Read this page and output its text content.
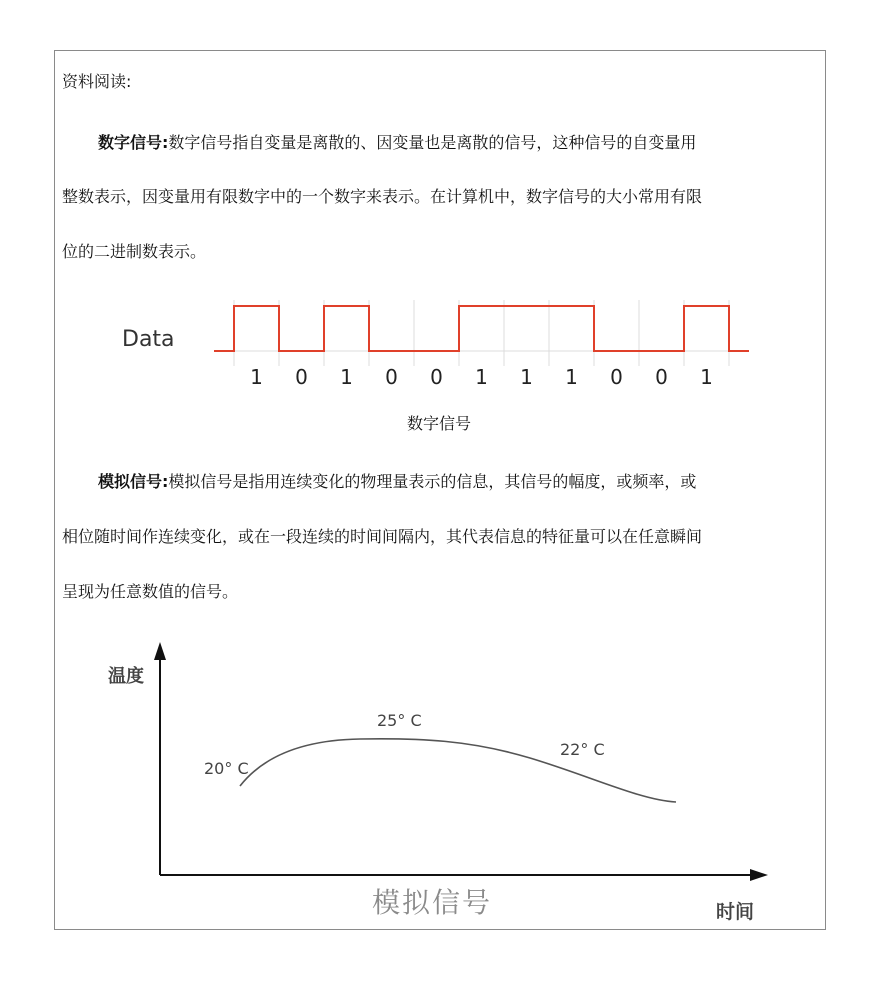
资料阅读:
数字信号:数字信号指自变量是离散的、因变量也是离散的信号，这种信号的自变量用
整数表示，因变量用有限数字中的一个数字来表示。在计算机中，数字信号的大小常用有限
位的二进制数表示。
Data
1 0 1 0 0 1 1 1 0 0 1
数字信号
模拟信号:模拟信号是指用连续变化的物理量表示的信息，其信号的幅度，或频率，或
相位随时间作连续变化，或在一段连续的时间间隔内，其代表信息的特征量可以在任意瞬间
呈现为任意数值的信号。
温度
时间
20° C
25° C
22° C
模拟信号
